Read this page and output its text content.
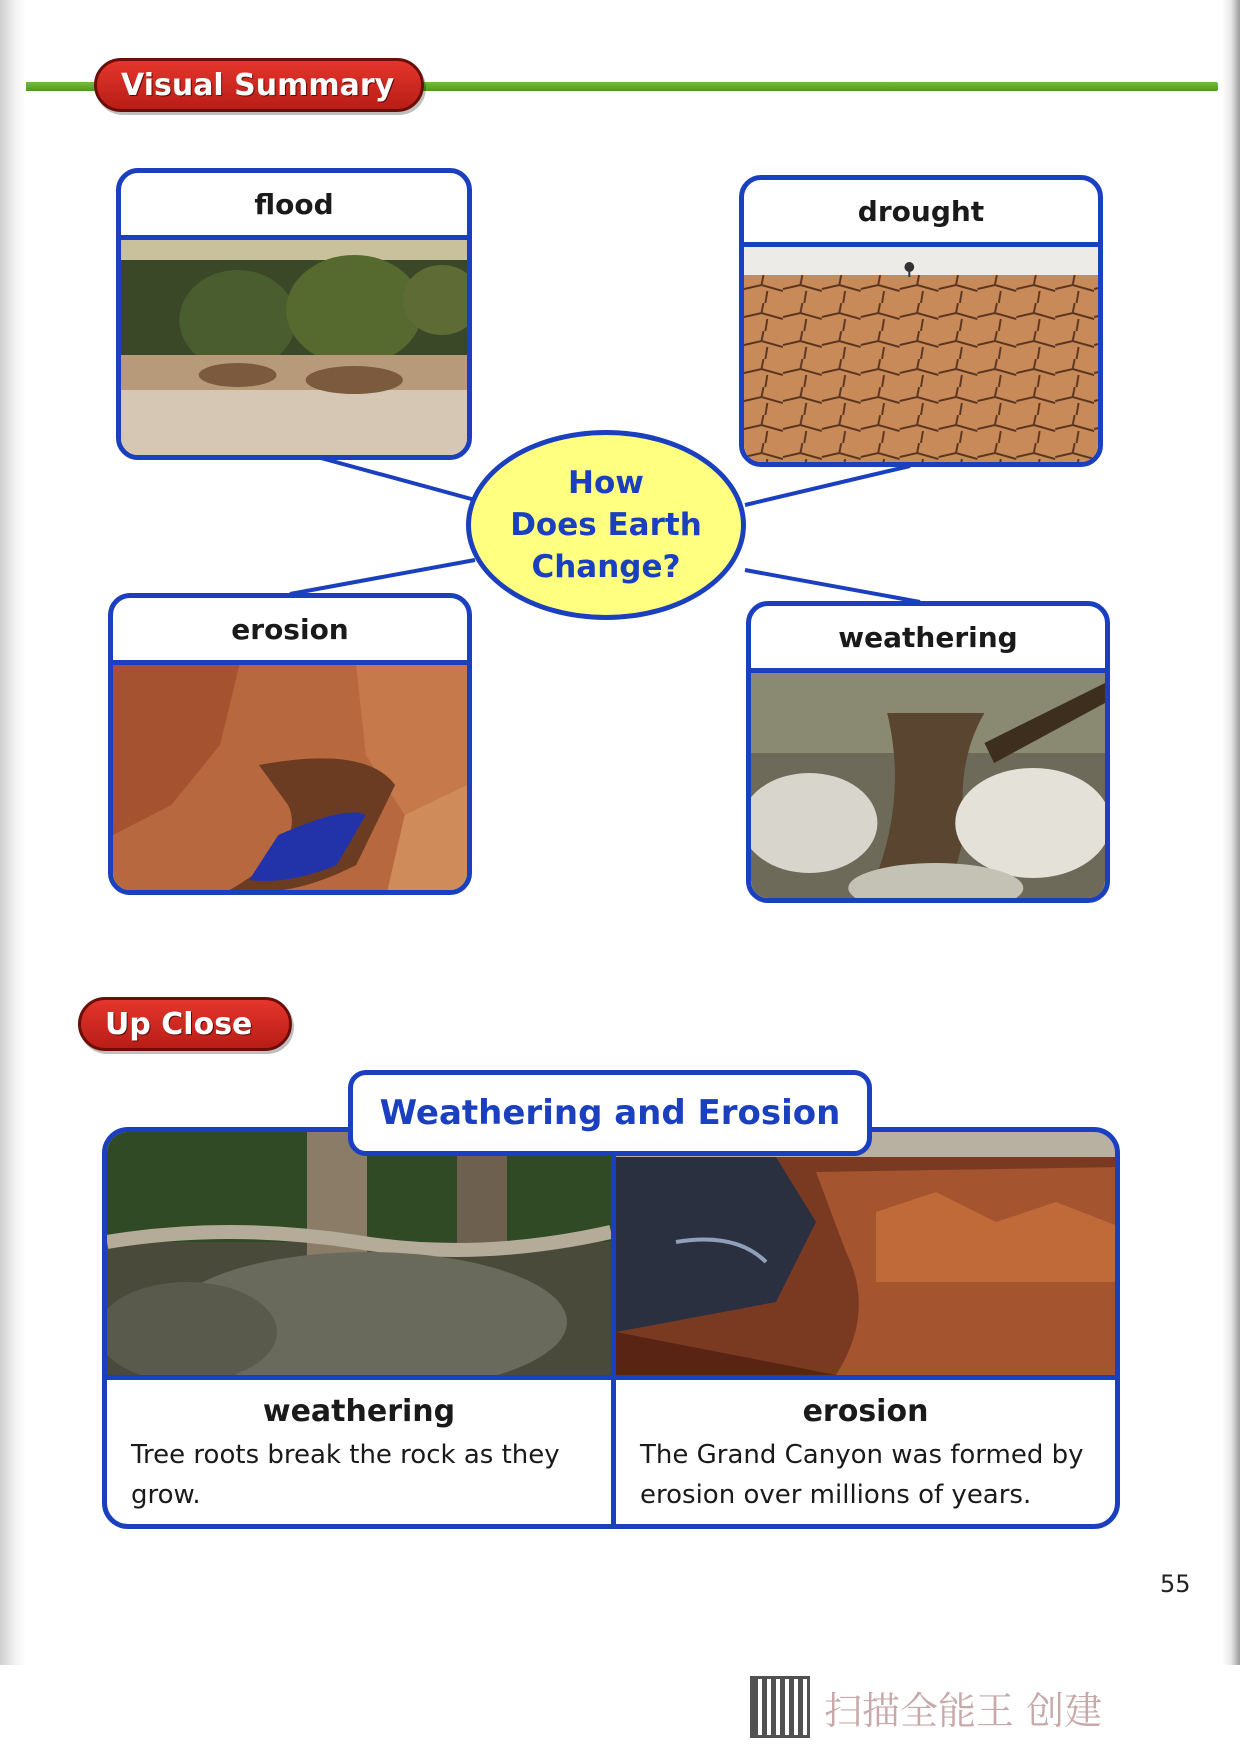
Visual Summary
flood	drought
How
Does Earth
Change?
erosion	weathering
Up Close
Weathering and Erosion
weathering
Tree roots break the rock as they grow.
erosion
The Grand Canyon was formed by erosion over millions of years.
55
扫描全能王 创建
